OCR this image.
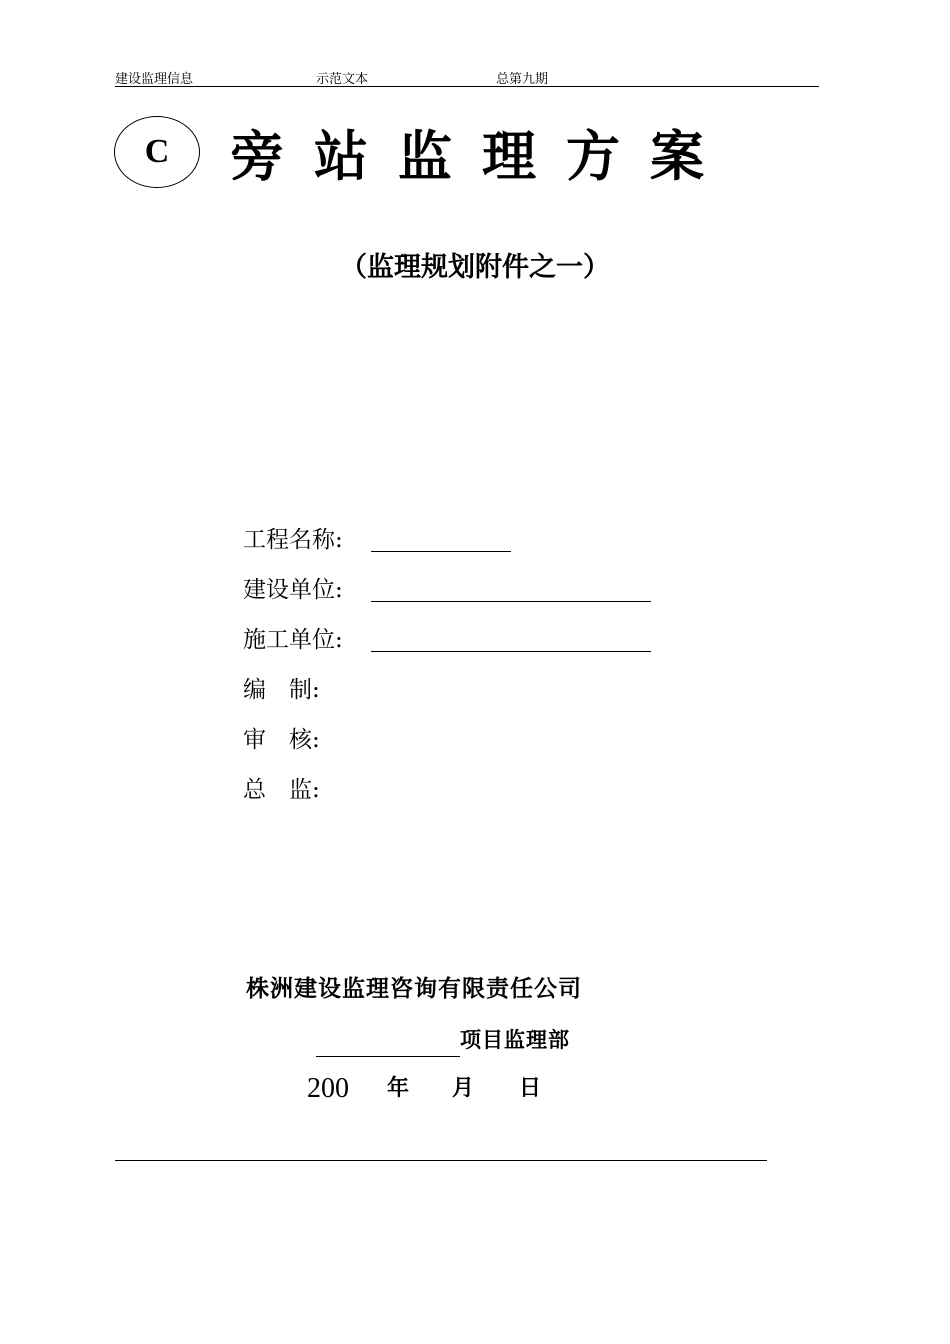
建设监理信息	示范文本	总第九期
C 旁站监理方案
（监理规划附件之一）
工程名称:
建设单位:
施工单位:
编　制:
审　核:
总　监:
株洲建设监理咨询有限责任公司
项目监理部
200 年 月 日
